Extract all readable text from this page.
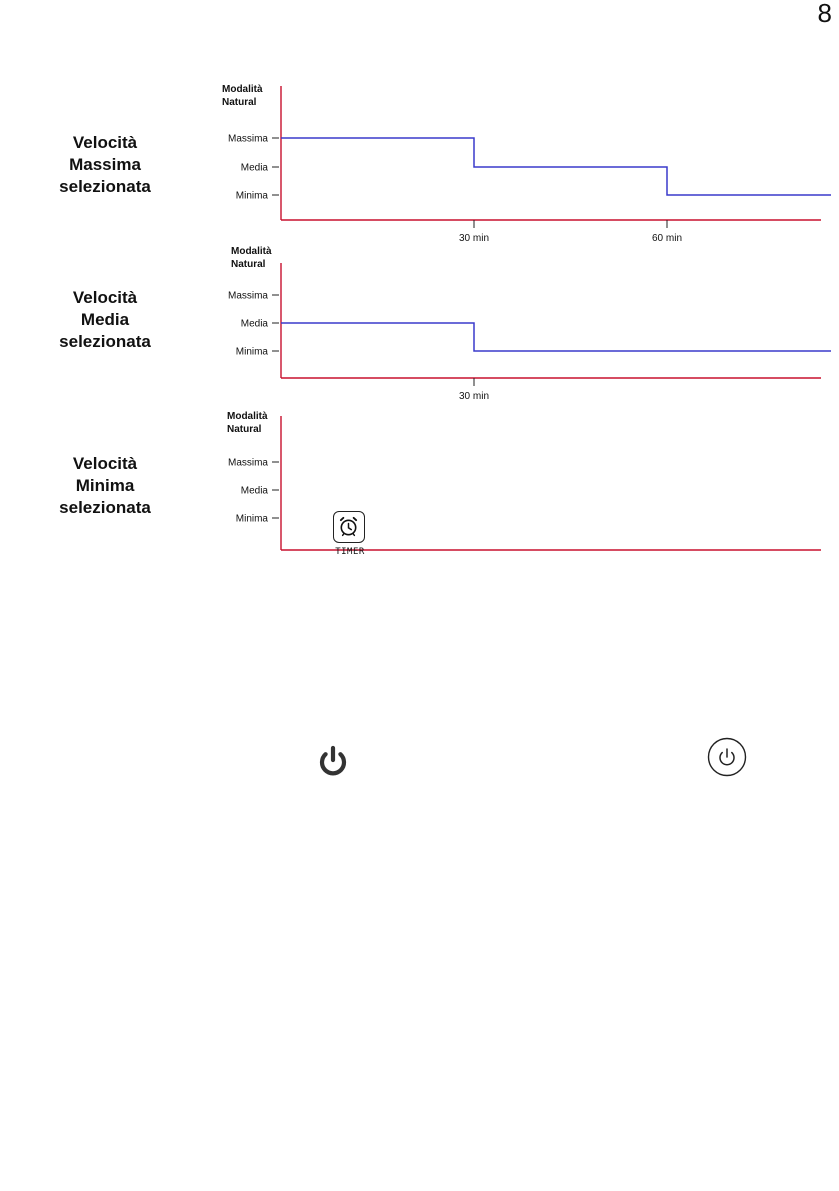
8
Velocità
Massima
selezionata
Velocità
Media
selezionata
Velocità
Minima
selezionata
Modalità
Natural
Minima
Media
Massima
30 min	60 min
Modalità
Natural
Minima
Media
Massima
30 min
Modalità
Natural
Minima
Media
Massima
TIMER
